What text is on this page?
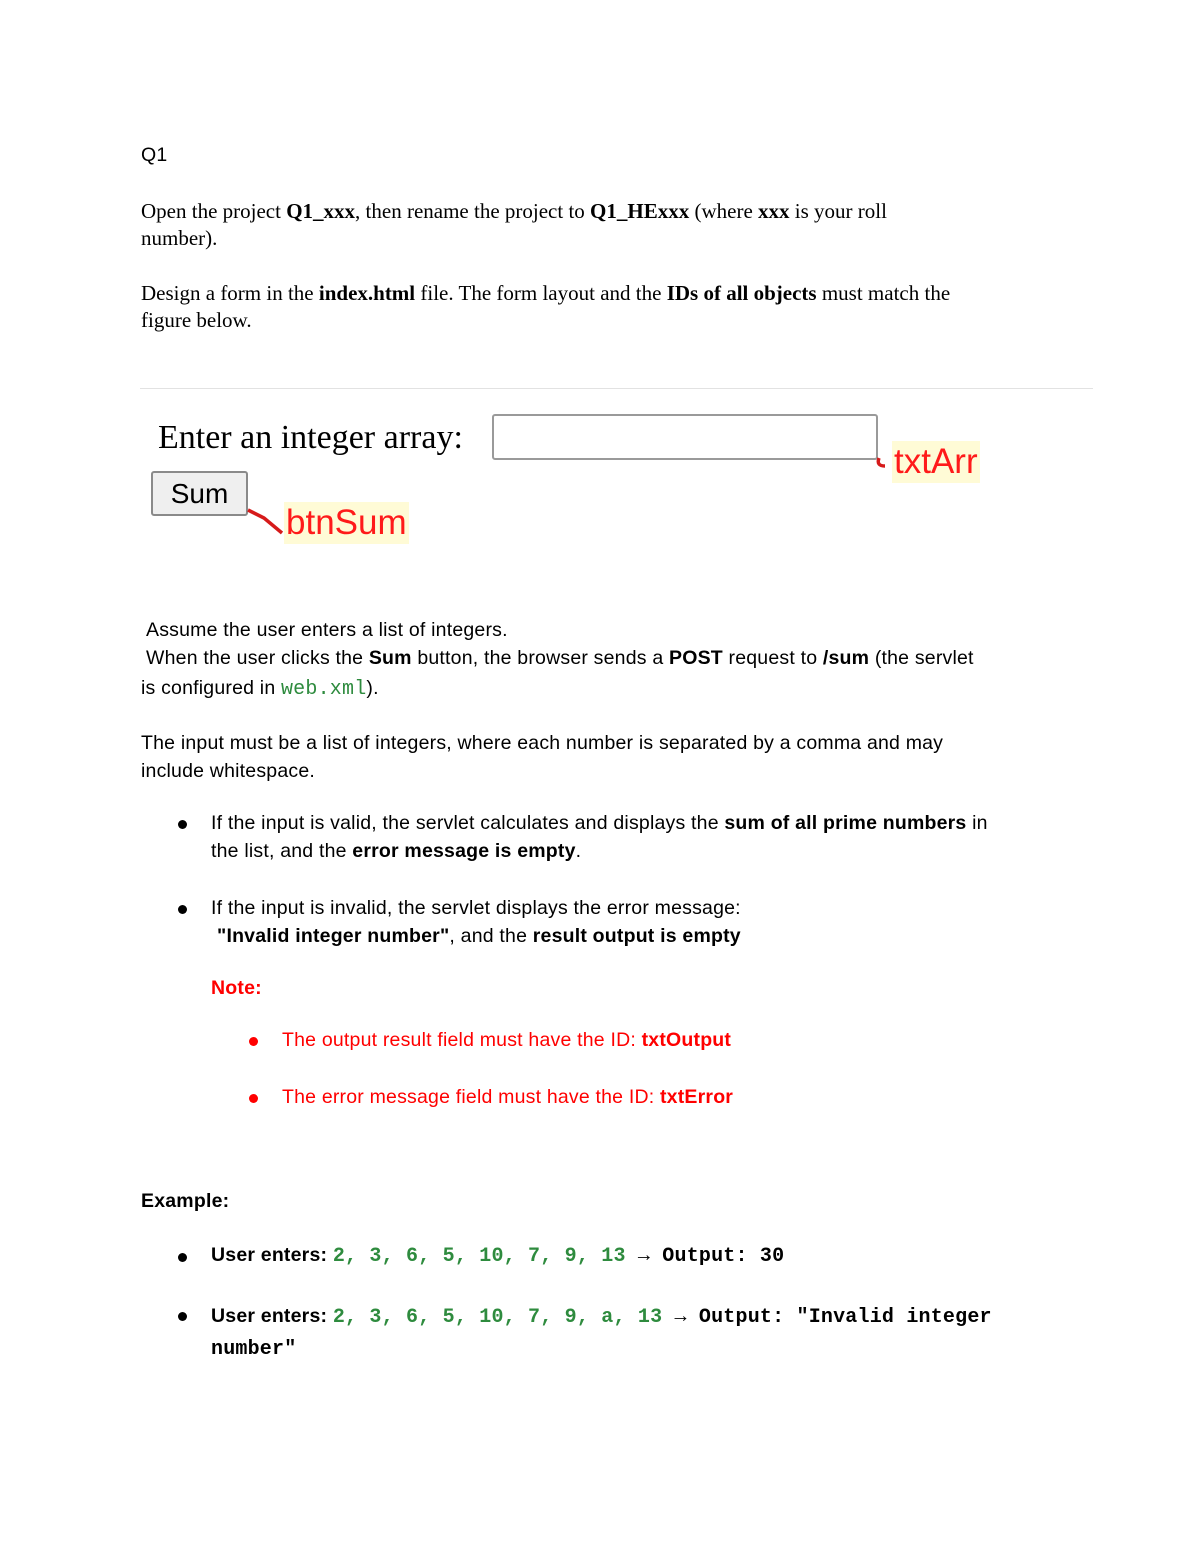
Q1
Open the project Q1_xxx, then rename the project to Q1_HExxx (where xxx is your roll
number).
Design a form in the index.html file. The form layout and the IDs of all objects must match the
figure below.
Enter an integer array:
Sum
txtArr
btnSum
Assume the user enters a list of integers.
When the user clicks the Sum button, the browser sends a POST request to /sum (the servlet
is configured in web.xml).
The input must be a list of integers, where each number is separated by a comma and may
include whitespace.
If the input is valid, the servlet calculates and displays the sum of all prime numbers in
the list, and the error message is empty.
If the input is invalid, the servlet displays the error message:
"Invalid integer number", and the result output is empty
Note:
The output result field must have the ID: txtOutput
The error message field must have the ID: txtError
Example:
User enters: 2, 3, 6, 5, 10, 7, 9, 13 → Output: 30
User enters: 2, 3, 6, 5, 10, 7, 9, a, 13 → Output: "Invalid integer
number"
